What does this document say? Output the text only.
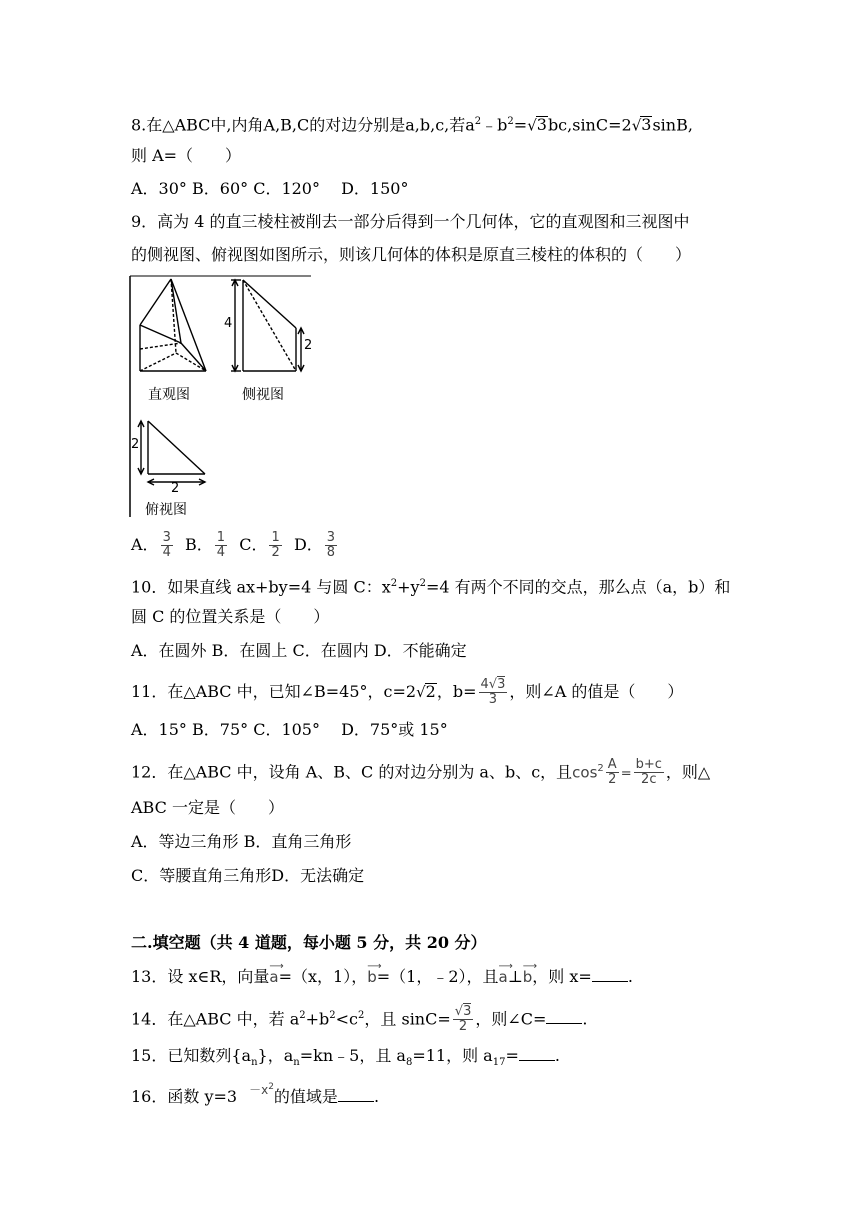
8.在△ABC中,内角A,B,C的对边分别是a,b,c,若$a^2﹣b^2=√3bc,\sin C=2√3\sin B$,
则 A=（　　）
A．30° B．60° C．120°　 D．150°
9．高为 4 的直三棱柱被削去一部分后得到一个几何体，它的直观图和三视图中
的侧视图、俯视图如图所示，则该几何体的体积是原直三棱柱的体积的（　　）
直观图	侧视图
俯视图
4
2
2
2
A． $\frac{3}{4}$ B． $\frac{1}{4}$ C． $\frac{1}{2}$ D． $\frac{3}{8}$
10．如果直线 ax+by=4 与圆 C：$x^2+y^2=4$ 有两个不同的交点，那么点（a，b）和
圆 C 的位置关系是（　　）
A．在圆外 B．在圆上 C．在圆内 D．不能确定
11．在△ABC 中，已知∠B=45°，c=2√2，$b= \frac{4√3}{3}$ ，则∠A 的值是（　　）
A．15° B．75° C．105°　 D．75°或 15°
12．在△ABC 中，设角 A、B、C 的对边分别为 a、b、c，且$\cos^2 \frac{A}{2} = \frac{b+c}{2c}$ ，则△
ABC 一定是（　　）
A．等边三角形 B．直角三角形
C．等腰直角三角形D．无法确定
二.填空题（共 4 道题，每小题 5 分，共 20 分）
13．设 x∈R，向量
⟶
a=（x，1），
⟶
b=（1，﹣2），且
⟶
a⊥
⟶
b，则 x= .
14．在△ABC 中，若 $a^2+b^2<c^2$，且 $\sin C= \frac{√3}{2}$ ，则∠C= .
15．已知数列$\{a_n\}$，$a_n=kn﹣5$，且 $a_8=11$，则 $a_{17}=$ .
16．函数 y=3 $^{-x^2}$的值域是 .
